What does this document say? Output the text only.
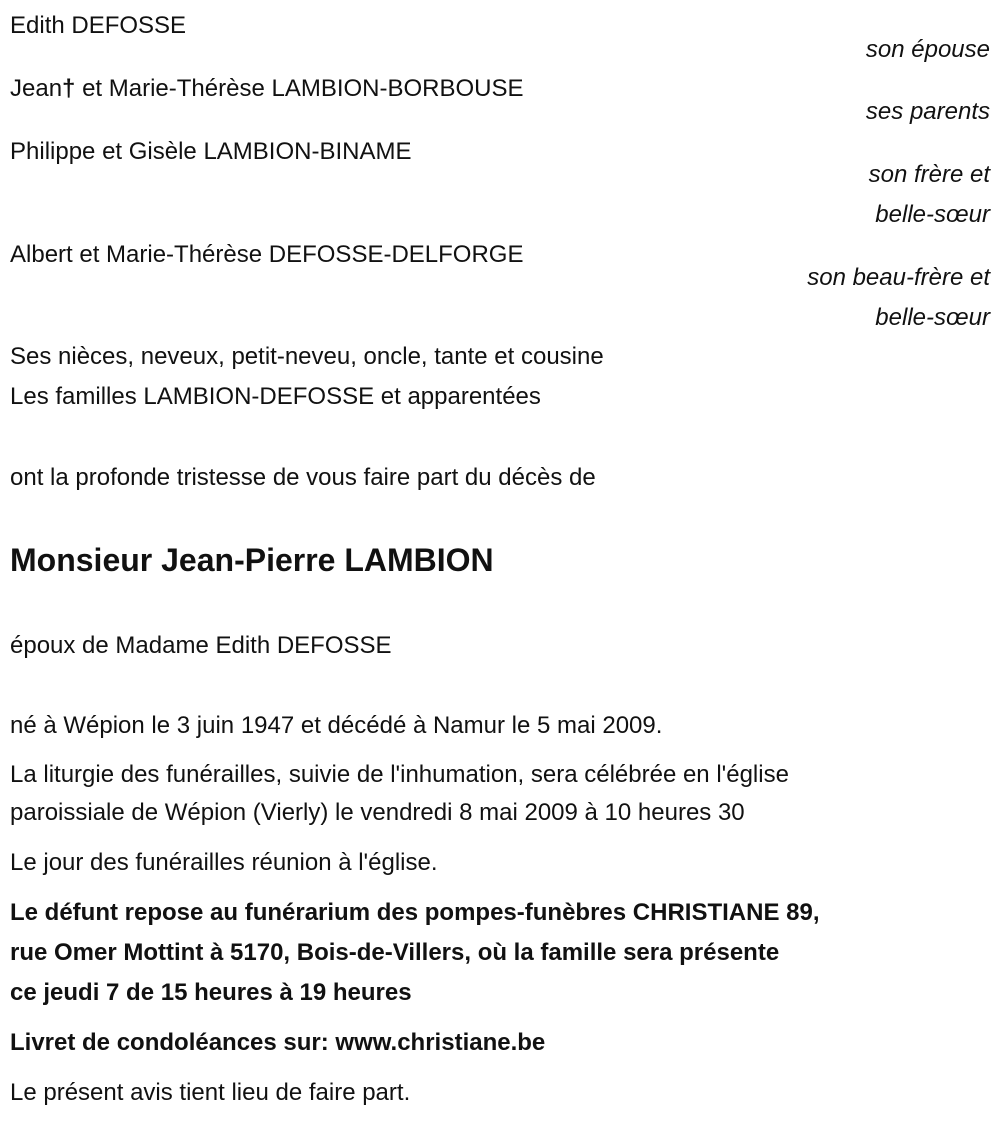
Edith DEFOSSE
son épouse
Jean† et Marie-Thérèse LAMBION-BORBOUSE
ses parents
Philippe et Gisèle LAMBION-BINAME
son frère et
belle-sœur
Albert et Marie-Thérèse DEFOSSE-DELFORGE
son beau-frère et
belle-sœur
Ses nièces, neveux, petit-neveu, oncle, tante et cousine
Les familles LAMBION-DEFOSSE et apparentées
ont la profonde tristesse de vous faire part du décès de
Monsieur Jean-Pierre LAMBION
époux de Madame Edith DEFOSSE
né à Wépion le 3 juin 1947 et décédé à Namur le 5 mai 2009.
La liturgie des funérailles, suivie de l'inhumation, sera célébrée en l'église
paroissiale de Wépion (Vierly) le vendredi 8 mai 2009 à 10 heures 30
Le jour des funérailles réunion à l'église.
Le défunt repose au funérarium des pompes-funèbres CHRISTIANE 89,
rue Omer Mottint à 5170, Bois-de-Villers, où la famille sera présente
ce jeudi 7 de 15 heures à 19 heures
Livret de condoléances sur: www.christiane.be
Le présent avis tient lieu de faire part.
